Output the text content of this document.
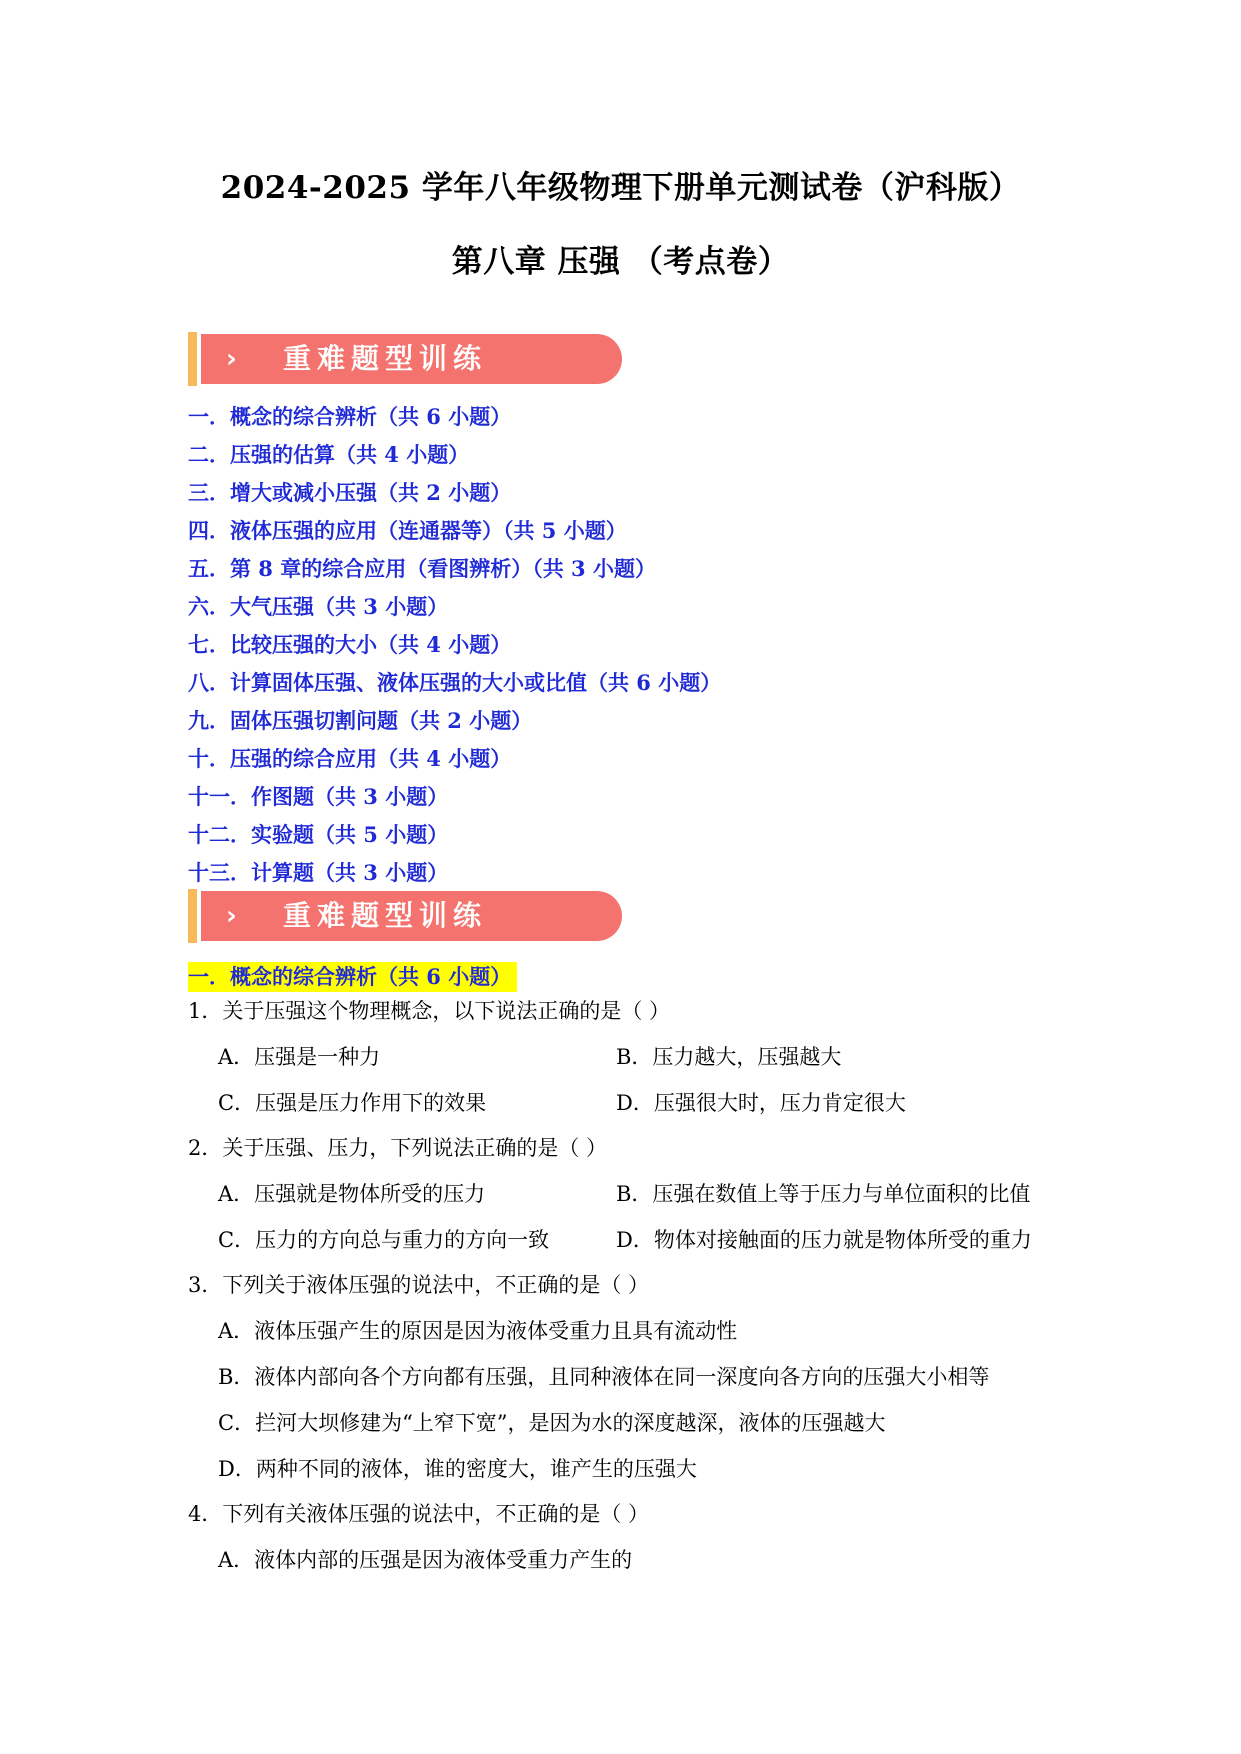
2024-2025 学年八年级物理下册单元测试卷（沪科版）
第八章 压强 （考点卷）
› 重难题型训练
一．概念的综合辨析（共 6 小题）
二．压强的估算（共 4 小题）
三．增大或减小压强（共 2 小题）
四．液体压强的应用（连通器等）（共 5 小题）
五．第 8 章的综合应用（看图辨析）（共 3 小题）
六．大气压强（共 3 小题）
七．比较压强的大小（共 4 小题）
八．计算固体压强、液体压强的大小或比值（共 6 小题）
九．固体压强切割问题（共 2 小题）
十．压强的综合应用（共 4 小题）
十一．作图题（共 3 小题）
十二．实验题（共 5 小题）
十三．计算题（共 3 小题）
› 重难题型训练
一．概念的综合辨析（共 6 小题）
1．关于压强这个物理概念，以下说法正确的是（ ）
A．压强是一种力	B．压力越大，压强越大
C．压强是压力作用下的效果	D．压强很大时，压力肯定很大
2．关于压强、压力，下列说法正确的是（ ）
A．压强就是物体所受的压力	B．压强在数值上等于压力与单位面积的比值
C．压力的方向总与重力的方向一致	D．物体对接触面的压力就是物体所受的重力
3．下列关于液体压强的说法中，不正确的是（ ）
A．液体压强产生的原因是因为液体受重力且具有流动性
B．液体内部向各个方向都有压强，且同种液体在同一深度向各方向的压强大小相等
C．拦河大坝修建为“上窄下宽”，是因为水的深度越深，液体的压强越大
D．两种不同的液体，谁的密度大，谁产生的压强大
4．下列有关液体压强的说法中，不正确的是（ ）
A．液体内部的压强是因为液体受重力产生的
